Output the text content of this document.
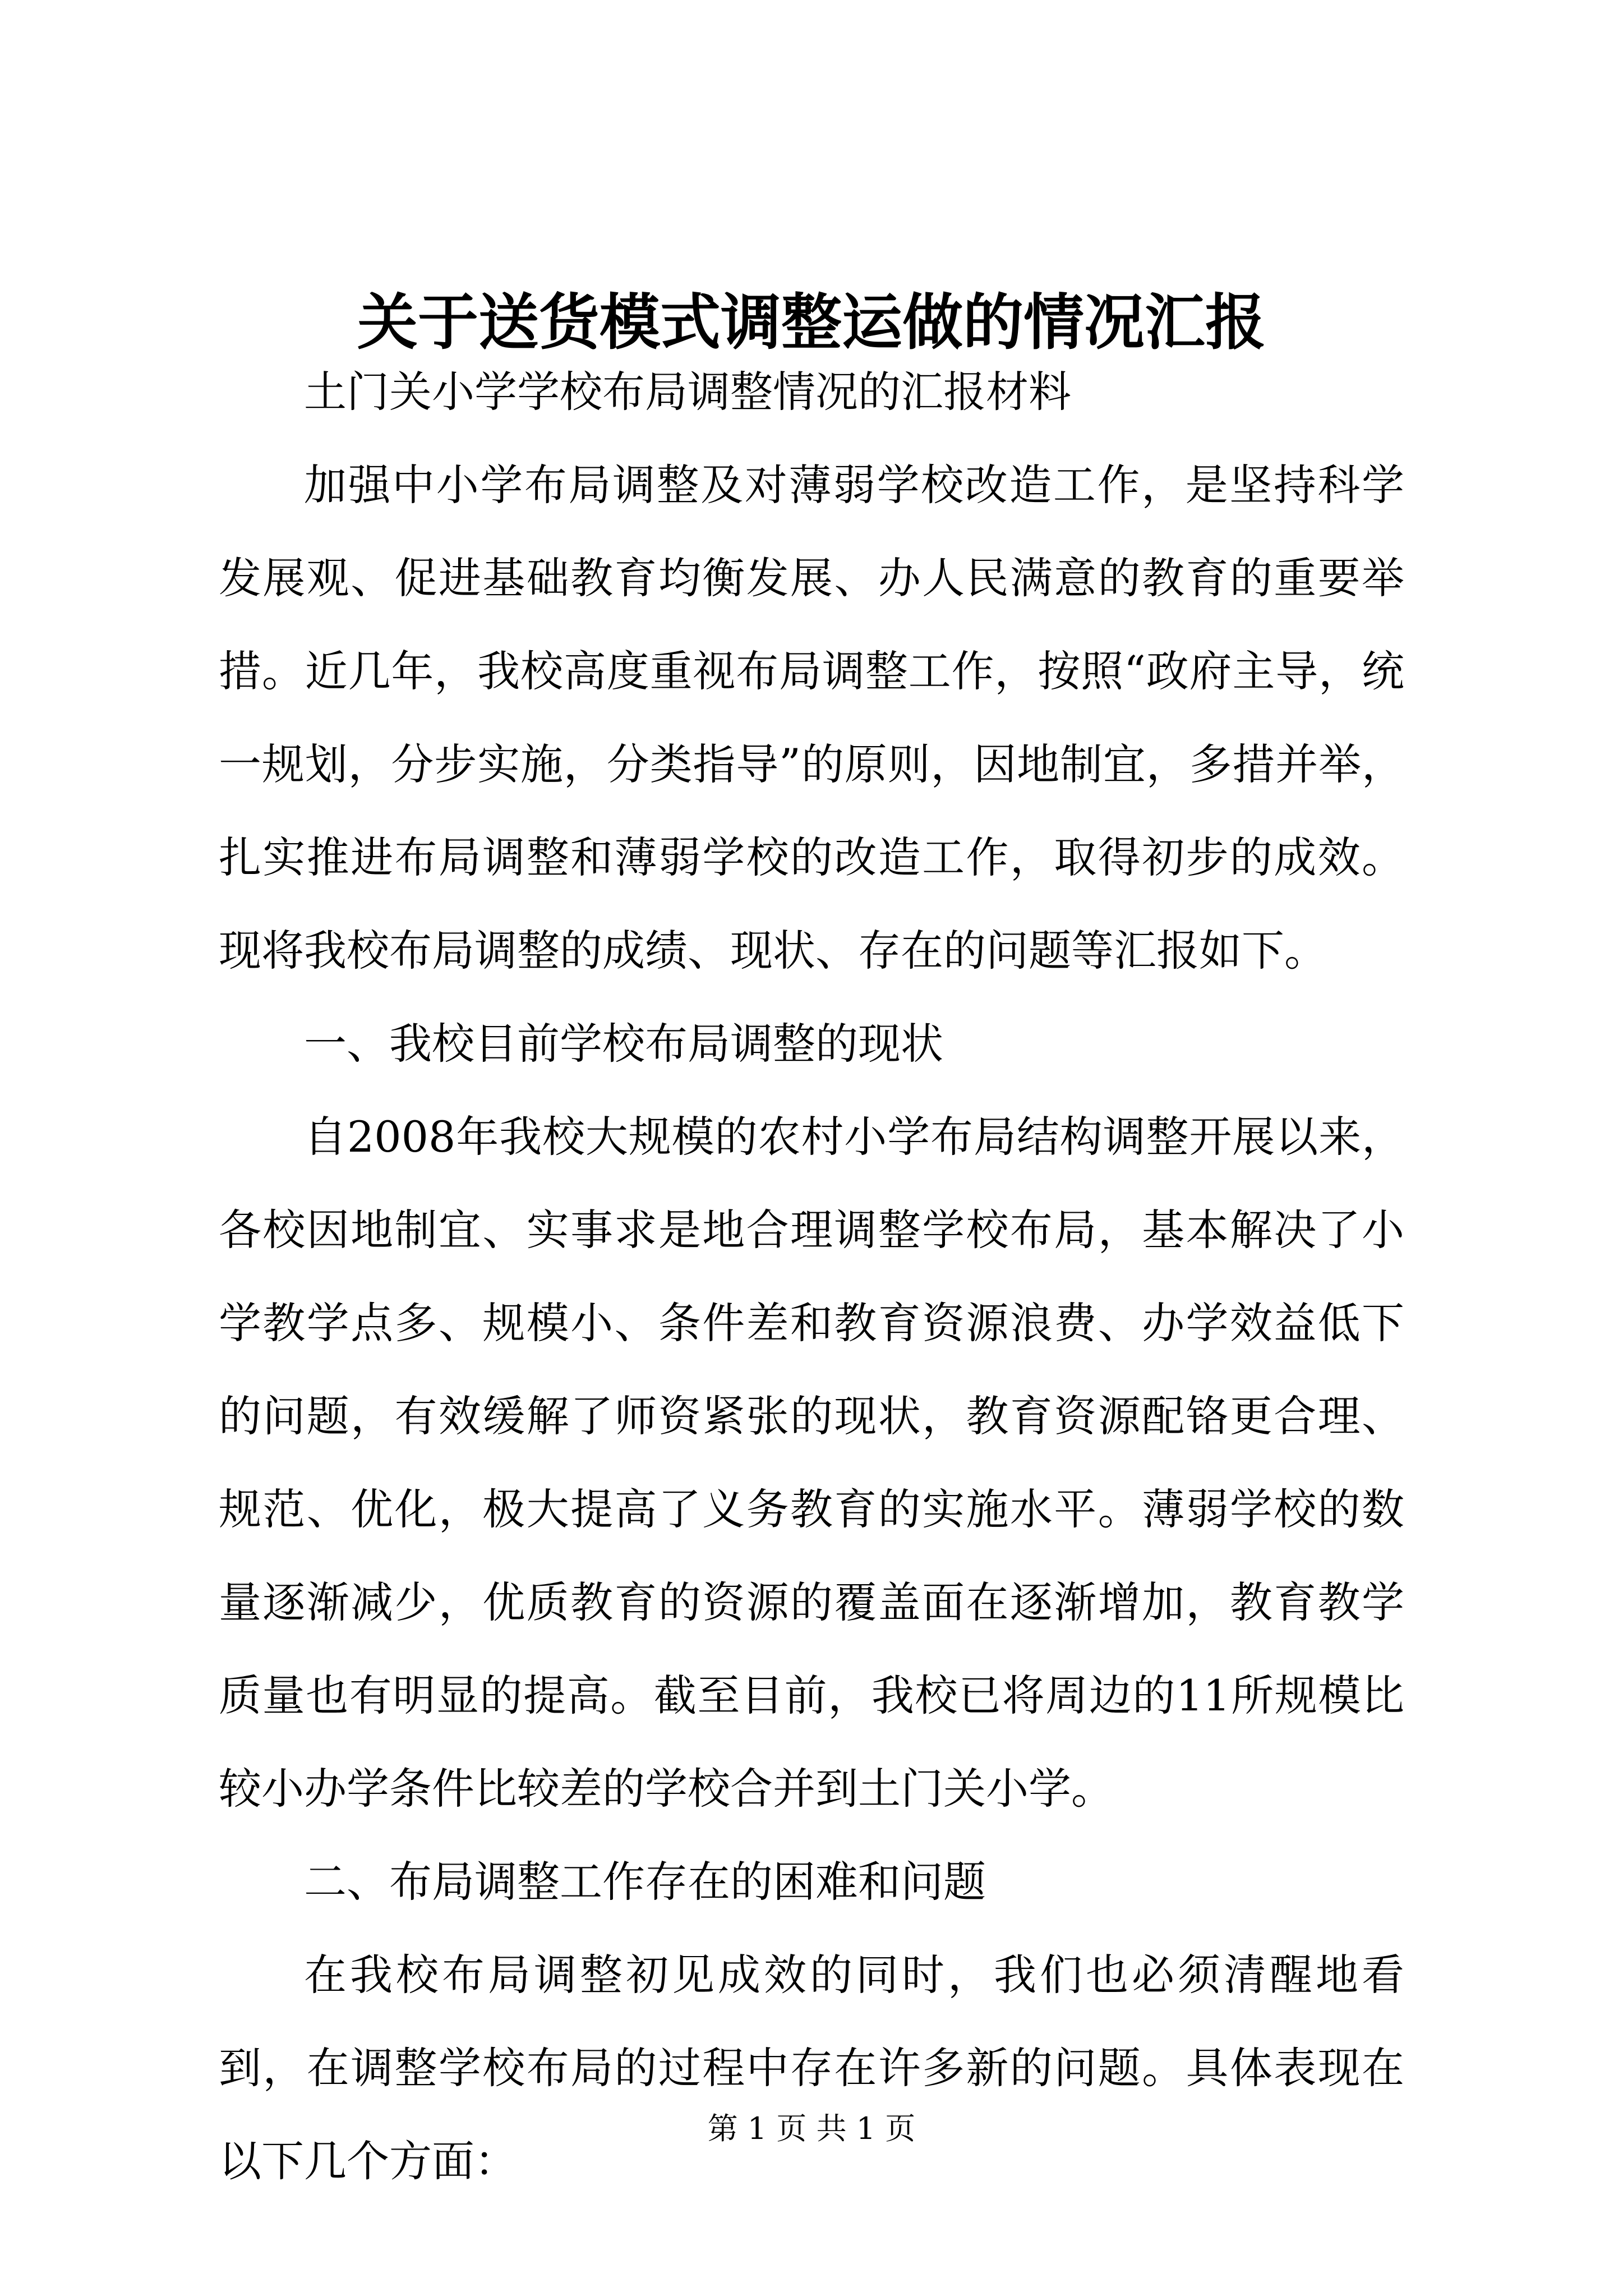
关于送货模式调整运做的情况汇报

土门关小学学校布局调整情况的汇报材料

加强中小学布局调整及对薄弱学校改造工作，是坚持科学发展观、促进基础教育均衡发展、办人民满意的教育的重要举措。近几年，我校高度重视布局调整工作，按照“政府主导，统一规划，分步实施，分类指导”的原则，因地制宜，多措并举，扎实推进布局调整和薄弱学校的改造工作，取得初步的成效。现将我校布局调整的成绩、现状、存在的问题等汇报如下。

一、我校目前学校布局调整的现状

自2008年我校大规模的农村小学布局结构调整开展以来，各校因地制宜、实事求是地合理调整学校布局，基本解决了小学教学点多、规模小、条件差和教育资源浪费、办学效益低下的问题，有效缓解了师资紧张的现状，教育资源配铬更合理、规范、优化，极大提高了义务教育的实施水平。薄弱学校的数量逐渐减少，优质教育的资源的覆盖面在逐渐增加，教育教学质量也有明显的提高。截至目前，我校已将周边的11所规模比较小办学条件比较差的学校合并到土门关小学。

二、布局调整工作存在的困难和问题

在我校布局调整初见成效的同时，我们也必须清醒地看到，在调整学校布局的过程中存在许多新的问题。具体表现在以下几个方面：

第 1 页 共 1 页
